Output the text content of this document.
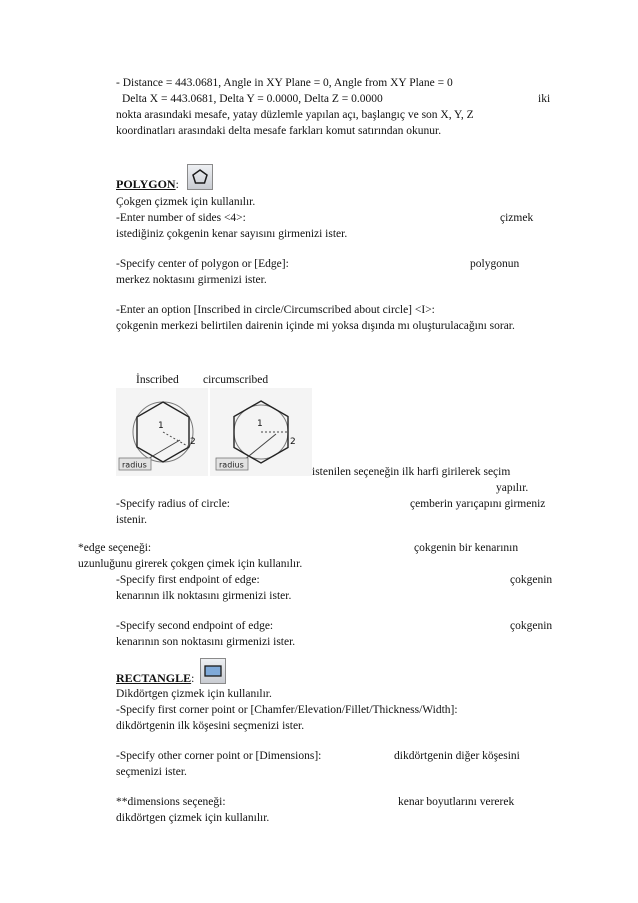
- Distance = 443.0681, Angle in XY Plane = 0, Angle from XY Plane = 0
Delta X = 443.0681, Delta Y = 0.0000, Delta Z = 0.0000	iki
nokta arasındaki mesafe, yatay düzlemle yapılan açı, başlangıç ve son X, Y, Z
koordinatları arasındaki delta mesafe farkları komut satırından okunur.
POLYGON:
Çokgen çizmek için kullanılır.
-Enter number of sides <4>:	çizmek
istediğiniz çokgenin kenar sayısını girmenizi ister.
-Specify center of polygon or [Edge]:	polygonun
merkez noktasını girmenizi ister.
-Enter an option [Inscribed in circle/Circumscribed about circle] <I>:
çokgenin merkezi belirtilen dairenin içinde mi yoksa dışında mı oluşturulacağını sorar.
İnscribed circumscribed
radius
1
2
radius
1
2
istenilen seçeneğin ilk harfi girilerek seçim
yapılır.
-Specify radius of circle:	çemberin yarıçapını girmeniz
istenir.
*edge seçeneği:	çokgenin bir kenarının
uzunluğunu girerek çokgen çimek için kullanılır.
-Specify first endpoint of edge:	çokgenin
kenarının ilk noktasını girmenizi ister.
-Specify second endpoint of edge:	çokgenin
kenarının son noktasını girmenizi ister.
RECTANGLE:
Dikdörtgen çizmek için kullanılır.
-Specify first corner point or [Chamfer/Elevation/Fillet/Thickness/Width]:
dikdörtgenin ilk köşesini seçmenizi ister.
-Specify other corner point or [Dimensions]:	dikdörtgenin diğer köşesini
seçmenizi ister.
**dimensions seçeneği:	kenar boyutlarını vererek
dikdörtgen çizmek için kullanılır.
